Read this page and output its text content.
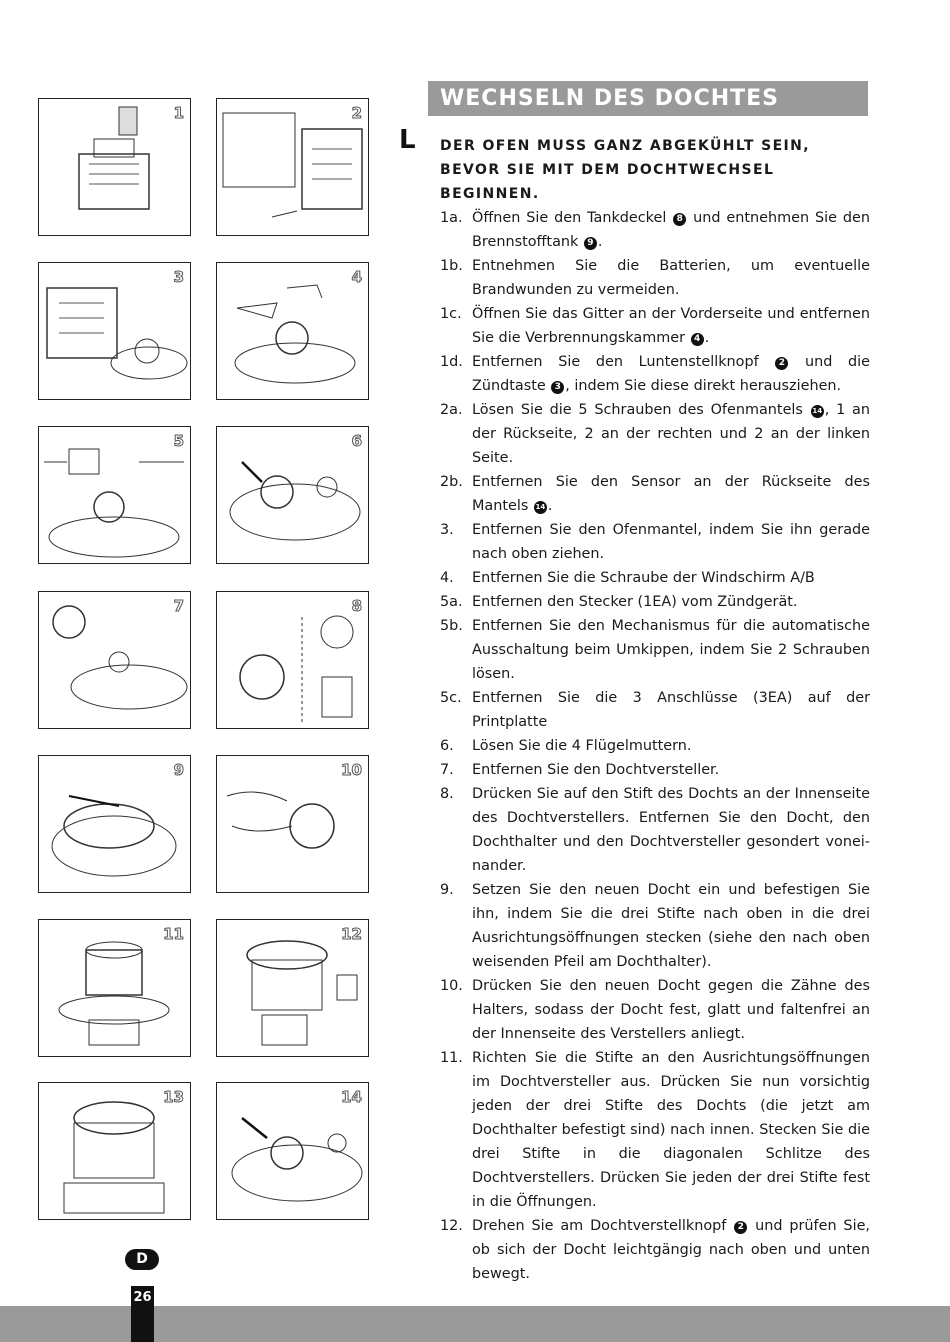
1	2
3	4
5	6
7	8
9	10
11	12
13	14
WECHSELN DES DOCHTES
L DER OFEN MUSS GANZ ABGEKÜHLT SEIN, BEVOR SIE MIT DEM DOCHTWECHSEL BEGINNEN.
1a. Öffnen Sie den Tankdeckel 8 und entnehmen Sie den Brennstofftank 9 .
1b. Entnehmen Sie die Batterien, um eventuelle Brandwunden zu vermeiden.
1c. Öffnen Sie das Gitter an der Vorderseite und entfernen Sie die Verbrennungskammer 4 .
1d. Entfernen Sie den Luntenstellknopf 2 und die Zündtaste 3 , indem Sie diese direkt herausziehen.
2a. Lösen Sie die 5 Schrauben des Ofenmantels 14 , 1 an der Rückseite, 2 an der rechten und 2 an der linken Seite.
2b. Entfernen Sie den Sensor an der Rückseite des Mantels 14 .
3. Entfernen Sie den Ofenmantel, indem Sie ihn gerade nach oben ziehen.
4. Entfernen Sie die Schraube der Windschirm A/B
5a. Entfernen den Stecker (1EA) vom Zündgerät.
5b. Entfernen Sie den Mechanismus für die automatische Ausschaltung beim Umkippen, indem Sie 2 Schrauben lösen.
5c. Entfernen Sie die 3 Anschlüsse (3EA) auf der Printplatte
6. Lösen Sie die 4 Flügelmuttern.
7. Entfernen Sie den Dochtversteller.
8. Drücken Sie auf den Stift des Dochts an der Innenseite des Dochtverstellers. Entfernen Sie den Docht, den Dochthalter und den Dochtversteller gesondert vonei-nander.
9. Setzen Sie den neuen Docht ein und befestigen Sie ihn, indem Sie die drei Stifte nach oben in die drei Ausrichtungsöffnungen stecken (siehe den nach oben weisenden Pfeil am Dochthalter).
10. Drücken Sie den neuen Docht gegen die Zähne des Halters, sodass der Docht fest, glatt und faltenfrei an der Innenseite des Verstellers anliegt.
11. Richten Sie die Stifte an den Ausrichtungsöffnungen im Dochtversteller aus. Drücken Sie nun vorsichtig jeden der drei Stifte des Dochts (die jetzt am Dochthalter befestigt sind) nach innen. Stecken Sie die drei Stifte in die diagonalen Schlitze des Dochtverstellers. Drücken Sie jeden der drei Stifte fest in die Öffnungen.
12. Drehen Sie am Dochtverstellknopf 2 und prüfen Sie, ob sich der Docht leichtgängig nach oben und unten bewegt.
D
26
